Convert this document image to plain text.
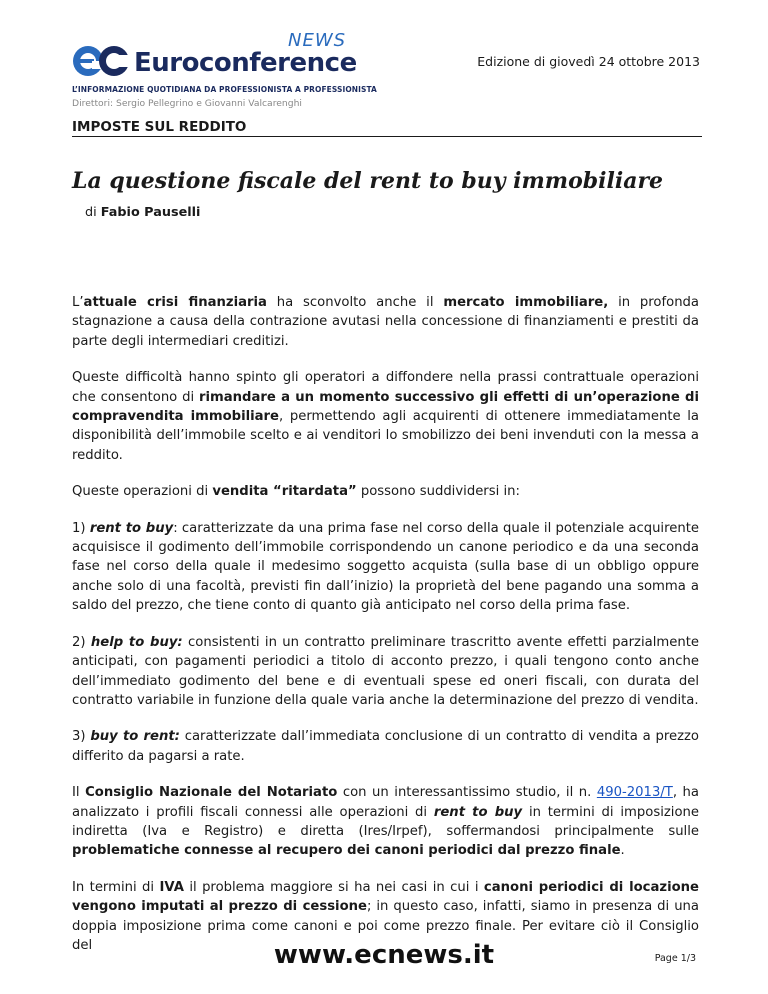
Euroconference
NEWS
L’INFORMAZIONE QUOTIDIANA DA PROFESSIONISTA A PROFESSIONISTA
Direttori: Sergio Pellegrino e Giovanni Valcarenghi
Edizione di giovedì 24 ottobre 2013
IMPOSTE SUL REDDITO
La questione fiscale del rent to buy immobiliare
di Fabio Pauselli

L’attuale crisi finanziaria ha sconvolto anche il mercato immobiliare, in profonda stagnazione a causa della contrazione avutasi nella concessione di finanziamenti e prestiti da parte degli intermediari creditizi.

Queste difficoltà hanno spinto gli operatori a diffondere nella prassi contrattuale operazioni che consentono di rimandare a un momento successivo gli effetti di un’operazione di compravendita immobiliare, permettendo agli acquirenti di ottenere immediatamente la disponibilità dell’immobile scelto e ai venditori lo smobilizzo dei beni invenduti con la messa a reddito.

Queste operazioni di vendita “ritardata” possono suddividersi in:

1) rent to buy: caratterizzate da una prima fase nel corso della quale il potenziale acquirente acquisisce il godimento dell’immobile corrispondendo un canone periodico e da una seconda fase nel corso della quale il medesimo soggetto acquista (sulla base di un obbligo oppure anche solo di una facoltà, previsti fin dall’inizio) la proprietà del bene pagando una somma a saldo del prezzo, che tiene conto di quanto già anticipato nel corso della prima fase.

2) help to buy: consistenti in un contratto preliminare trascritto avente effetti parzialmente anticipati, con pagamenti periodici a titolo di acconto prezzo, i quali tengono conto anche dell’immediato godimento del bene e di eventuali spese ed oneri fiscali, con durata del contratto variabile in funzione della quale varia anche la determinazione del prezzo di vendita.

3) buy to rent: caratterizzate dall’immediata conclusione di un contratto di vendita a prezzo differito da pagarsi a rate.

Il Consiglio Nazionale del Notariato con un interessantissimo studio, il n. 490-2013/T, ha analizzato i profili fiscali connessi alle operazioni di rent to buy in termini di imposizione indiretta (Iva e Registro) e diretta (Ires/Irpef), soffermandosi principalmente sulle problematiche connesse al recupero dei canoni periodici dal prezzo finale.

In termini di IVA il problema maggiore si ha nei casi in cui i canoni periodici di locazione vengono imputati al prezzo di cessione; in questo caso, infatti, siamo in presenza di una doppia imposizione prima come canoni e poi come prezzo finale. Per evitare ciò il Consiglio del	www.ecnews.it	Page 1/3
